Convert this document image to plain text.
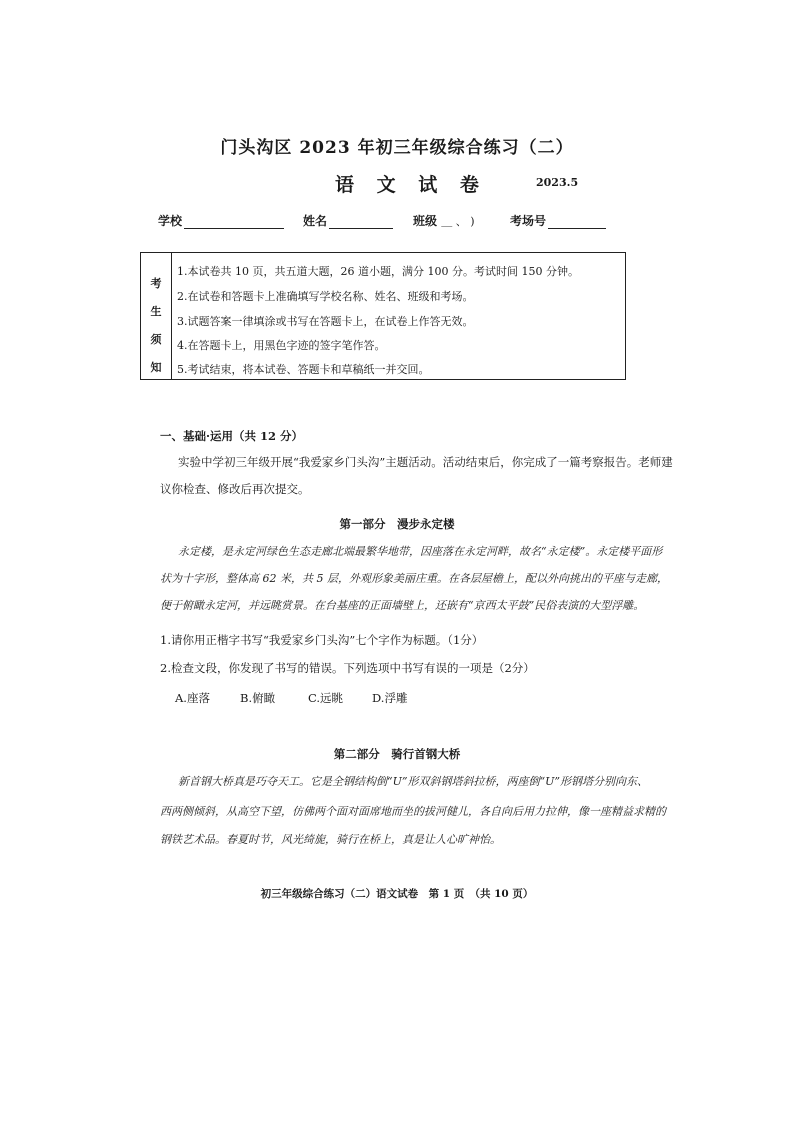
门头沟区 2023 年初三年级综合练习（二）
语 文 试 卷	2023.5
学校	姓名	班级 ＿ 、 )	考场号
考
生
须
知
1.本试卷共 10 页，共五道大题，26 道小题，满分 100 分。考试时间 150 分钟。
2.在试卷和答题卡上准确填写学校名称、姓名、班级和考场。
3.试题答案一律填涂或书写在答题卡上，在试卷上作答无效。
4.在答题卡上，用黑色字迹的签字笔作答。
5.考试结束，将本试卷、答题卡和草稿纸一并交回。
一、基础·运用（共 12 分）
实验中学初三年级开展“我爱家乡门头沟”主题活动。活动结束后，你完成了一篇考察报告。老师建
议你检查、修改后再次提交。
第一部分　漫步永定楼
永定楼，是永定河绿色生态走廊北端最繁华地带，因座落在永定河畔，故名“永定楼”。永定楼平面形
状为十字形，整体高 62 米，共 5 层，外观形象美丽庄重。在各层屋檐上，配以外向挑出的平座与走廊，
便于俯瞰永定河，并远眺赏景。在台基座的正面墙壁上，还嵌有“京西太平鼓”民俗表演的大型浮雕。
1.请你用正楷字书写“我爱家乡门头沟”七个字作为标题。（1分）
2.检查文段，你发现了书写的错误。下列选项中书写有误的一项是（2分）
A.座落	B.俯瞰	C.远眺	D.浮雕
第二部分　骑行首钢大桥
新首钢大桥真是巧夺天工。它是全钢结构倒“U”形双斜钢塔斜拉桥，两座倒“U”形钢塔分别向东、
西两侧倾斜，从高空下望，仿佛两个面对面席地而坐的拔河健儿，各自向后用力拉伸，像一座精益求精的
钢铁艺术品。春夏时节，风光绮旎，骑行在桥上，真是让人心旷神怡。
初三年级综合练习（二）语文试卷　第 1 页　（共 10 页）
